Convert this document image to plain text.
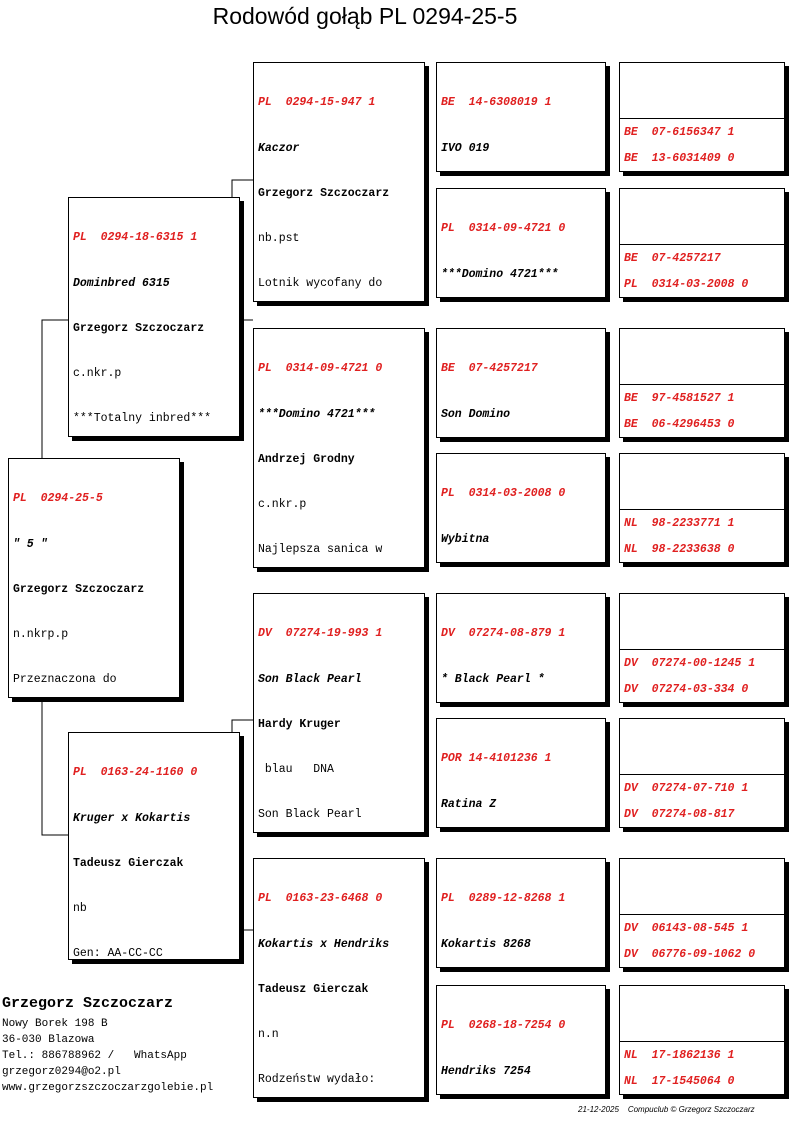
Rodowód gołąb PL 0294-25-5

PL  0294-25-5

" 5 "

Grzegorz Szczoczarz

n.nkrp.p

Przeznaczona do

PL  0294-18-6315 1

Dominbred 6315

Grzegorz Szczoczarz

c.nkr.p

***Totalny inbred***

PL  0163-24-1160 0

Kruger x Kokartis

Tadeusz Gierczak

nb

Gen: AA-CC-CC

PL  0294-15-947 1

Kaczor

Grzegorz Szczoczarz

nb.pst

Lotnik wycofany do

PL  0314-09-4721 0

***Domino 4721***

Andrzej Grodny

c.nkr.p

Najlepsza sanica w

DV  07274-19-993 1

Son Black Pearl

Hardy Kruger

blau   DNA

Son Black Pearl

PL  0163-23-6468 0

Kokartis x Hendriks

Tadeusz Gierczak

n.n

Rodzeństw wydało:

BE  14-6308019 1

IVO 019

PL  0314-09-4721 0

***Domino 4721***

BE  07-4257217

Son Domino

PL  0314-03-2008 0

Wybitna

DV  07274-08-879 1

* Black Pearl *

POR 14-4101236 1

Ratina Z

PL  0289-12-8268 1

Kokartis 8268

PL  0268-18-7254 0

Hendriks 7254

BE  07-6156347 1

BE  13-6031409 0

BE  07-4257217

PL  0314-03-2008 0

BE  97-4581527 1

BE  06-4296453 0

NL  98-2233771 1

NL  98-2233638 0

DV  07274-00-1245 1

DV  07274-03-334 0

DV  07274-07-710 1

DV  07274-08-817

DV  06143-08-545 1

DV  06776-09-1062 0

NL  17-1862136 1

NL  17-1545064 0

Grzegorz Szczoczarz
Nowy Borek 198 B
36-030 Blazowa
Tel.: 886788962 /   WhatsApp
grzegorz0294@o2.pl
www.grzegorzszczoczarzgolebie.pl
21-12-2025 Compuclub © Grzegorz Szczoczarz
